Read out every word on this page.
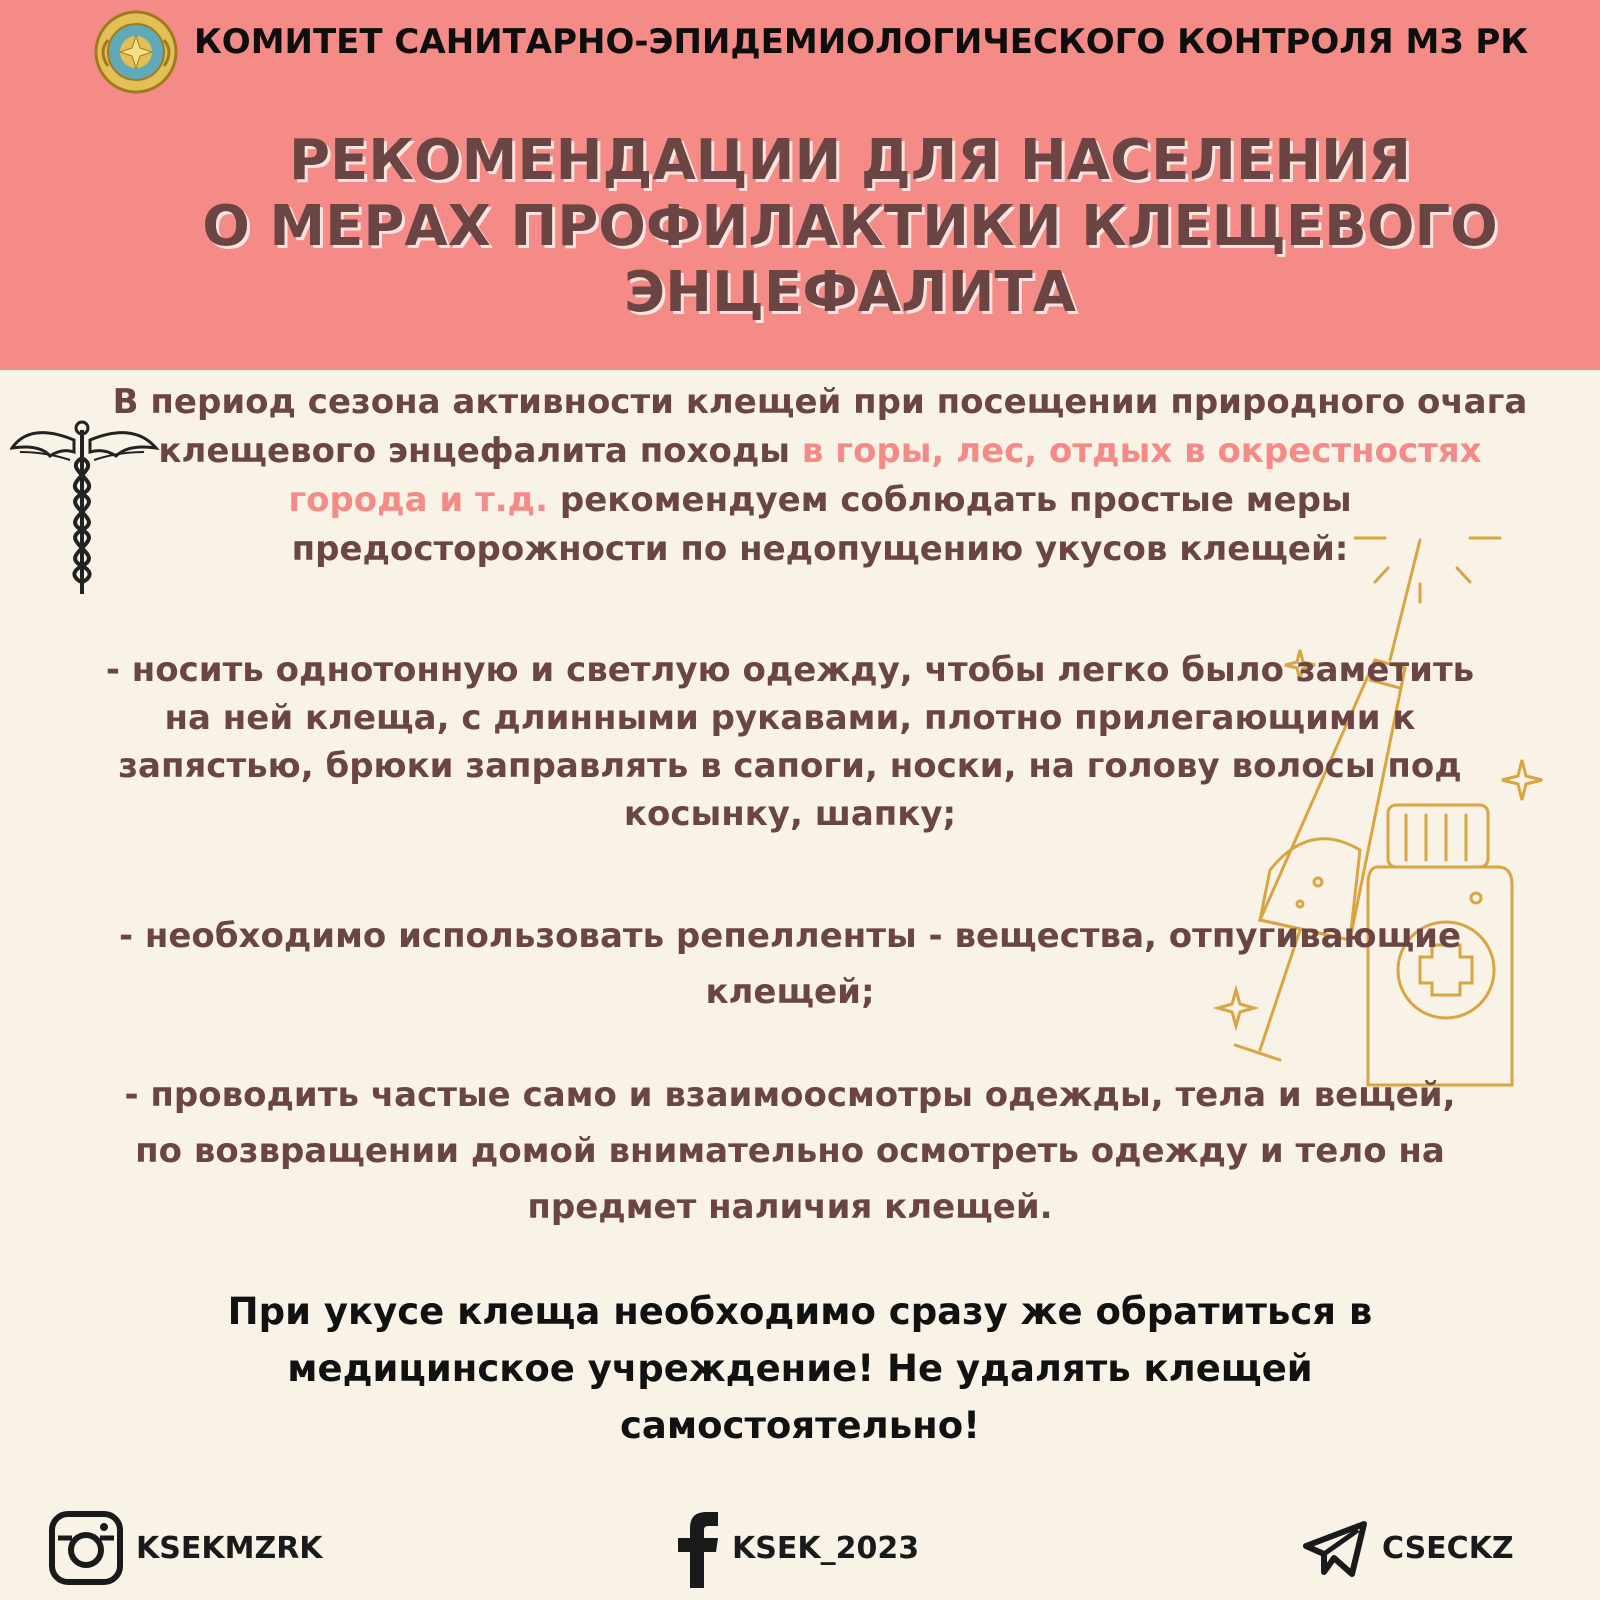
КОМИТЕТ САНИТАРНО-ЭПИДЕМИОЛОГИЧЕСКОГО КОНТРОЛЯ МЗ РК
РЕКОМЕНДАЦИИ ДЛЯ НАСЕЛЕНИЯ
О МЕРАХ ПРОФИЛАКТИКИ КЛЕЩЕВОГО
ЭНЦЕФАЛИТА
В период сезона активности клещей при посещении природного очага клещевого энцефалита походы в горы, лес, отдых в окрестностях города и т.д. рекомендуем соблюдать простые меры предосторожности по недопущению укусов клещей:
- носить однотонную и светлую одежду, чтобы легко было заметить на ней клеща, с длинными рукавами, плотно прилегающими к запястью, брюки заправлять в сапоги, носки, на голову волосы под косынку, шапку;
- необходимо использовать репелленты - вещества, отпугивающие клещей;
- проводить частые само и взаимоосмотры одежды, тела и вещей, по возвращении домой внимательно осмотреть одежду и тело на предмет наличия клещей.
При укусе клеща необходимо сразу же обратиться в медицинское учреждение! Не удалять клещей самостоятельно!
KSEKMZRK	KSEK_2023	CSECKZ
